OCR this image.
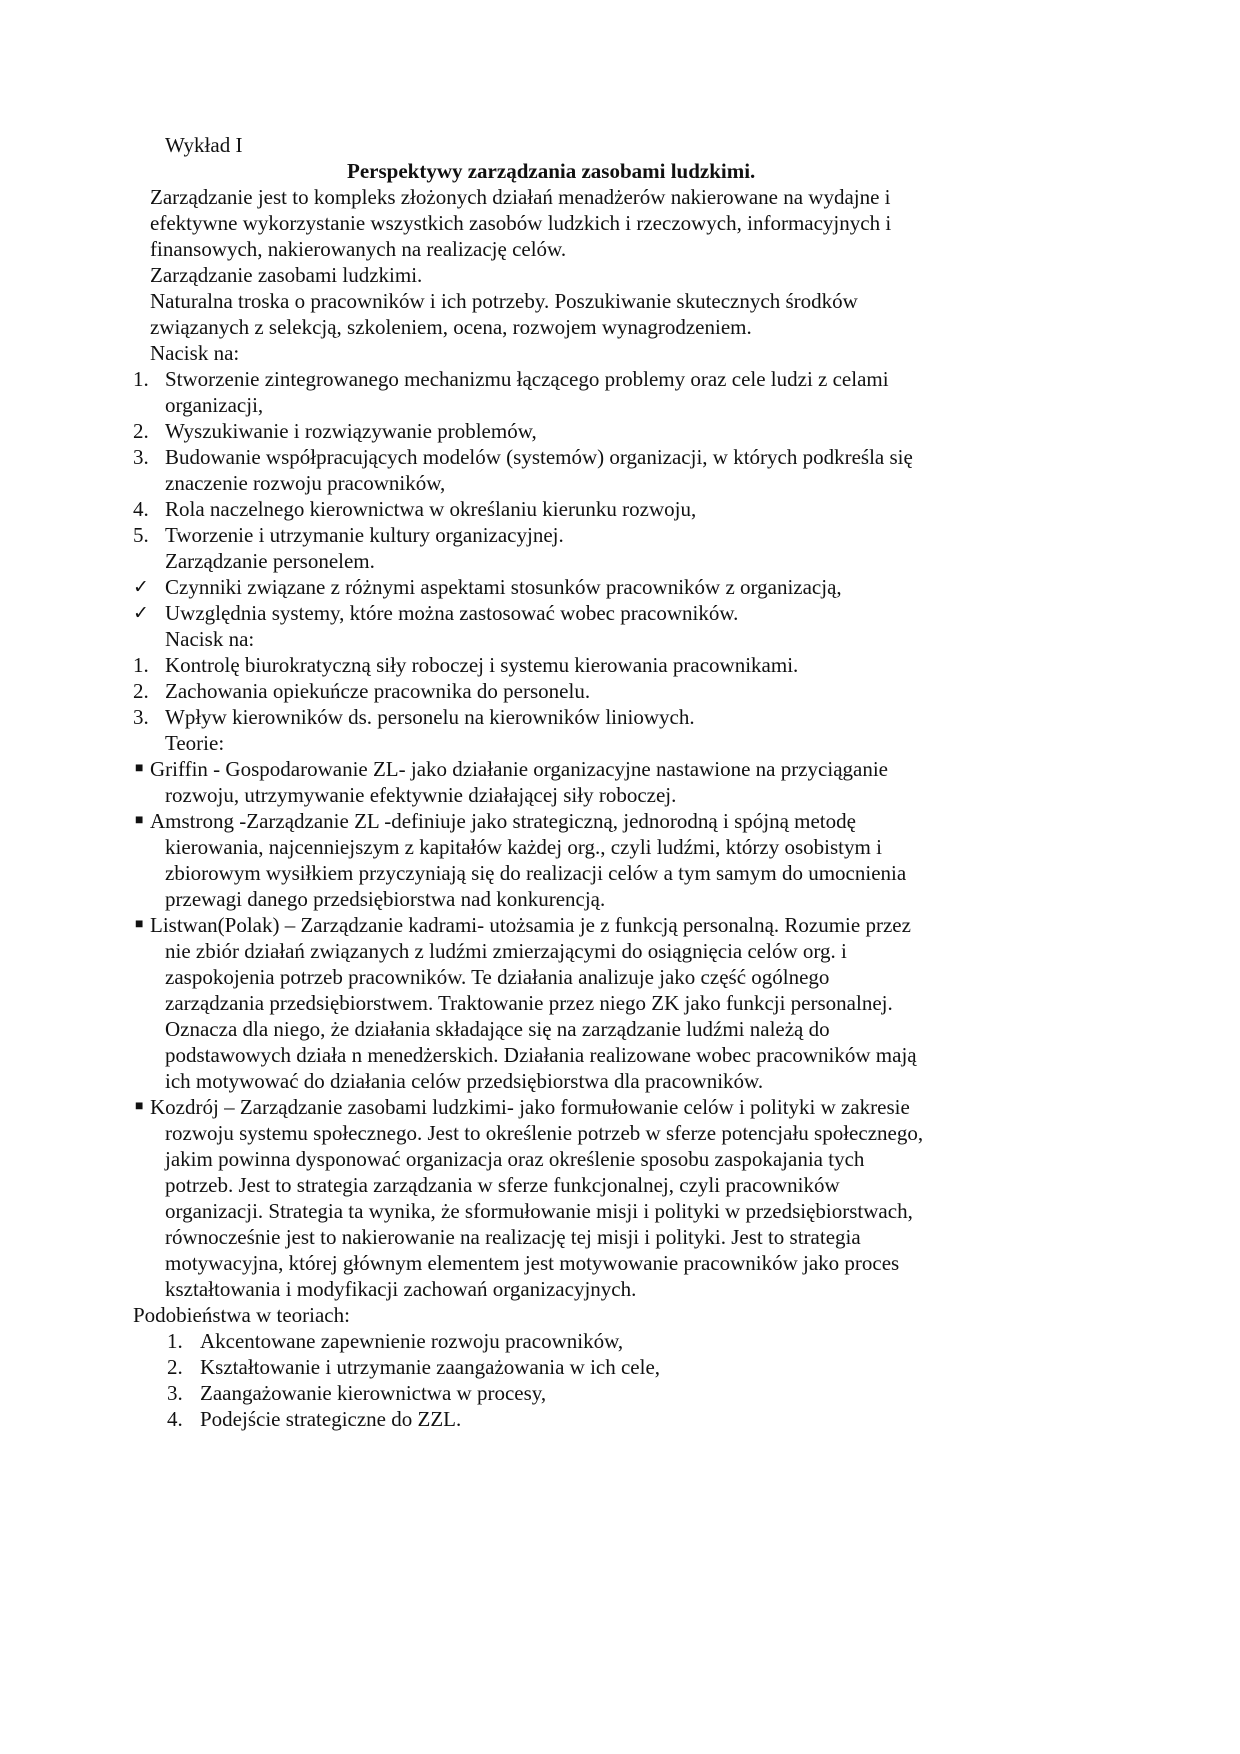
Wykład I
Perspektywy zarządzania zasobami ludzkimi.
Zarządzanie jest to kompleks złożonych działań menadżerów nakierowane na wydajne i
efektywne wykorzystanie wszystkich zasobów ludzkich i rzeczowych, informacyjnych i
finansowych, nakierowanych na realizację celów.
Zarządzanie zasobami ludzkimi.
Naturalna troska o pracowników i ich potrzeby. Poszukiwanie skutecznych środków
związanych z selekcją, szkoleniem, ocena, rozwojem wynagrodzeniem.
Nacisk na:
1. Stworzenie zintegrowanego mechanizmu łączącego problemy oraz cele ludzi z celami
organizacji,
2. Wyszukiwanie i rozwiązywanie problemów,
3. Budowanie współpracujących modelów (systemów) organizacji, w których podkreśla się
znaczenie rozwoju pracowników,
4. Rola naczelnego kierownictwa w określaniu kierunku rozwoju,
5. Tworzenie i utrzymanie kultury organizacyjnej.
Zarządzanie personelem.
✓ Czynniki związane z różnymi aspektami stosunków pracowników z organizacją,
✓ Uwzględnia systemy, które można zastosować wobec pracowników.
Nacisk na:
1. Kontrolę biurokratyczną siły roboczej i systemu kierowania pracownikami.
2. Zachowania opiekuńcze pracownika do personelu.
3. Wpływ kierowników ds. personelu na kierowników liniowych.
Teorie:
■ Griffin - Gospodarowanie ZL- jako działanie organizacyjne nastawione na przyciąganie
rozwoju, utrzymywanie efektywnie działającej siły roboczej.
■ Amstrong -Zarządzanie ZL -definiuje jako strategiczną, jednorodną i spójną metodę
kierowania, najcenniejszym z kapitałów każdej org., czyli ludźmi, którzy osobistym i
zbiorowym wysiłkiem przyczyniają się do realizacji celów a tym samym do umocnienia
przewagi danego przedsiębiorstwa nad konkurencją.
■ Listwan(Polak) – Zarządzanie kadrami- utożsamia je z funkcją personalną. Rozumie przez
nie zbiór działań związanych z ludźmi zmierzającymi do osiągnięcia celów org. i
zaspokojenia potrzeb pracowników. Te działania analizuje jako część ogólnego
zarządzania przedsiębiorstwem. Traktowanie przez niego ZK jako funkcji personalnej.
Oznacza dla niego, że działania składające się na zarządzanie ludźmi należą do
podstawowych działa n menedżerskich. Działania realizowane wobec pracowników mają
ich motywować do działania celów przedsiębiorstwa dla pracowników.
■ Kozdrój – Zarządzanie zasobami ludzkimi- jako formułowanie celów i polityki w zakresie
rozwoju systemu społecznego. Jest to określenie potrzeb w sferze potencjału społecznego,
jakim powinna dysponować organizacja oraz określenie sposobu zaspokajania tych
potrzeb. Jest to strategia zarządzania w sferze funkcjonalnej, czyli pracowników
organizacji. Strategia ta wynika, że sformułowanie misji i polityki w przedsiębiorstwach,
równocześnie jest to nakierowanie na realizację tej misji i polityki. Jest to strategia
motywacyjna, której głównym elementem jest motywowanie pracowników jako proces
kształtowania i modyfikacji zachowań organizacyjnych.
Podobieństwa w teoriach:
1. Akcentowane zapewnienie rozwoju pracowników,
2. Kształtowanie i utrzymanie zaangażowania w ich cele,
3. Zaangażowanie kierownictwa w procesy,
4. Podejście strategiczne do ZZL.
